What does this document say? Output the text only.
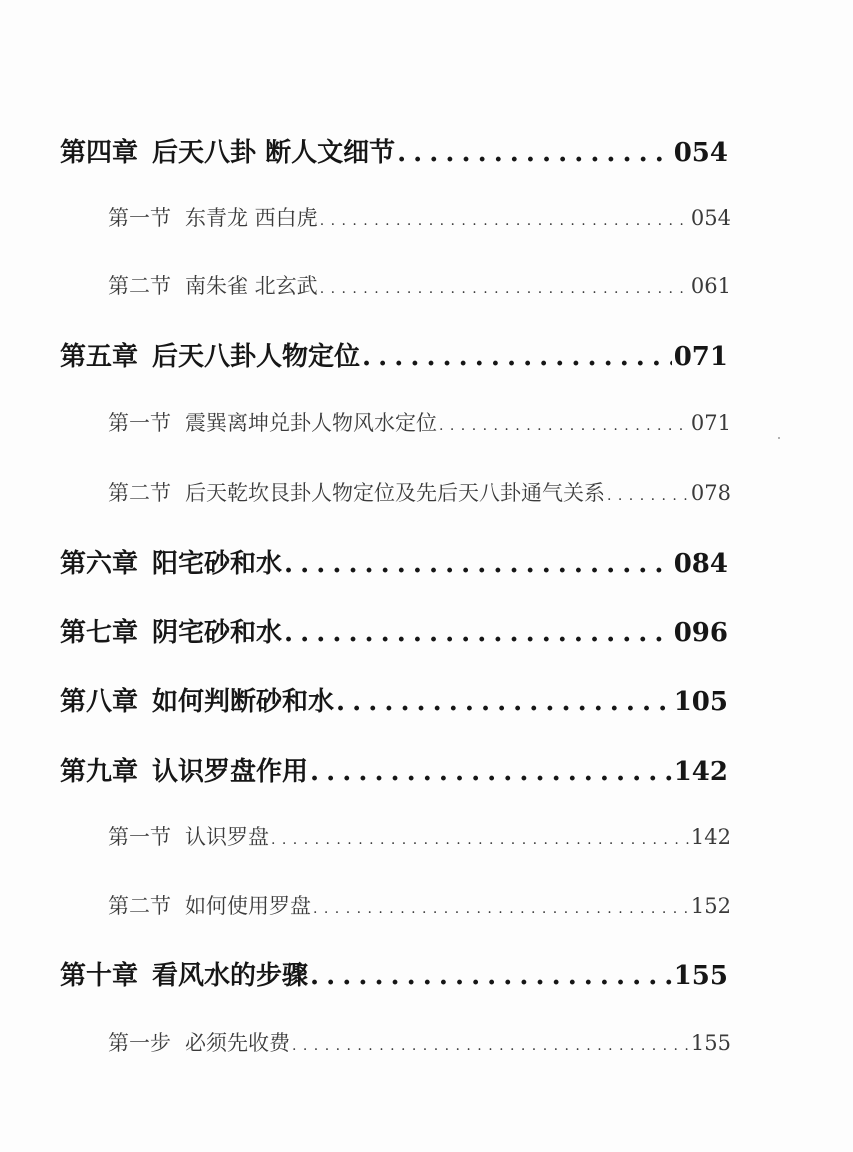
第四章 后天八卦 断人文细节 . . .	054
第一节 东青龙 西白虎 . . .	054
第二节 南朱雀 北玄武 . . .	061
第五章 后天八卦人物定位 . . .	071
第一节 震巽离坤兑卦人物风水定位 . . .	071
第二节 后天乾坎艮卦人物定位及先后天八卦通气关系 . . .	078
第六章 阳宅砂和水 . . .	084
第七章 阴宅砂和水 . . .	096
第八章 如何判断砂和水 . . .	105
第九章 认识罗盘作用 . . .	142
第一节 认识罗盘 . . .	142
第二节 如何使用罗盘 . . .	152
第十章 看风水的步骤 . . .	155
第一步 必须先收费 . . .	155
